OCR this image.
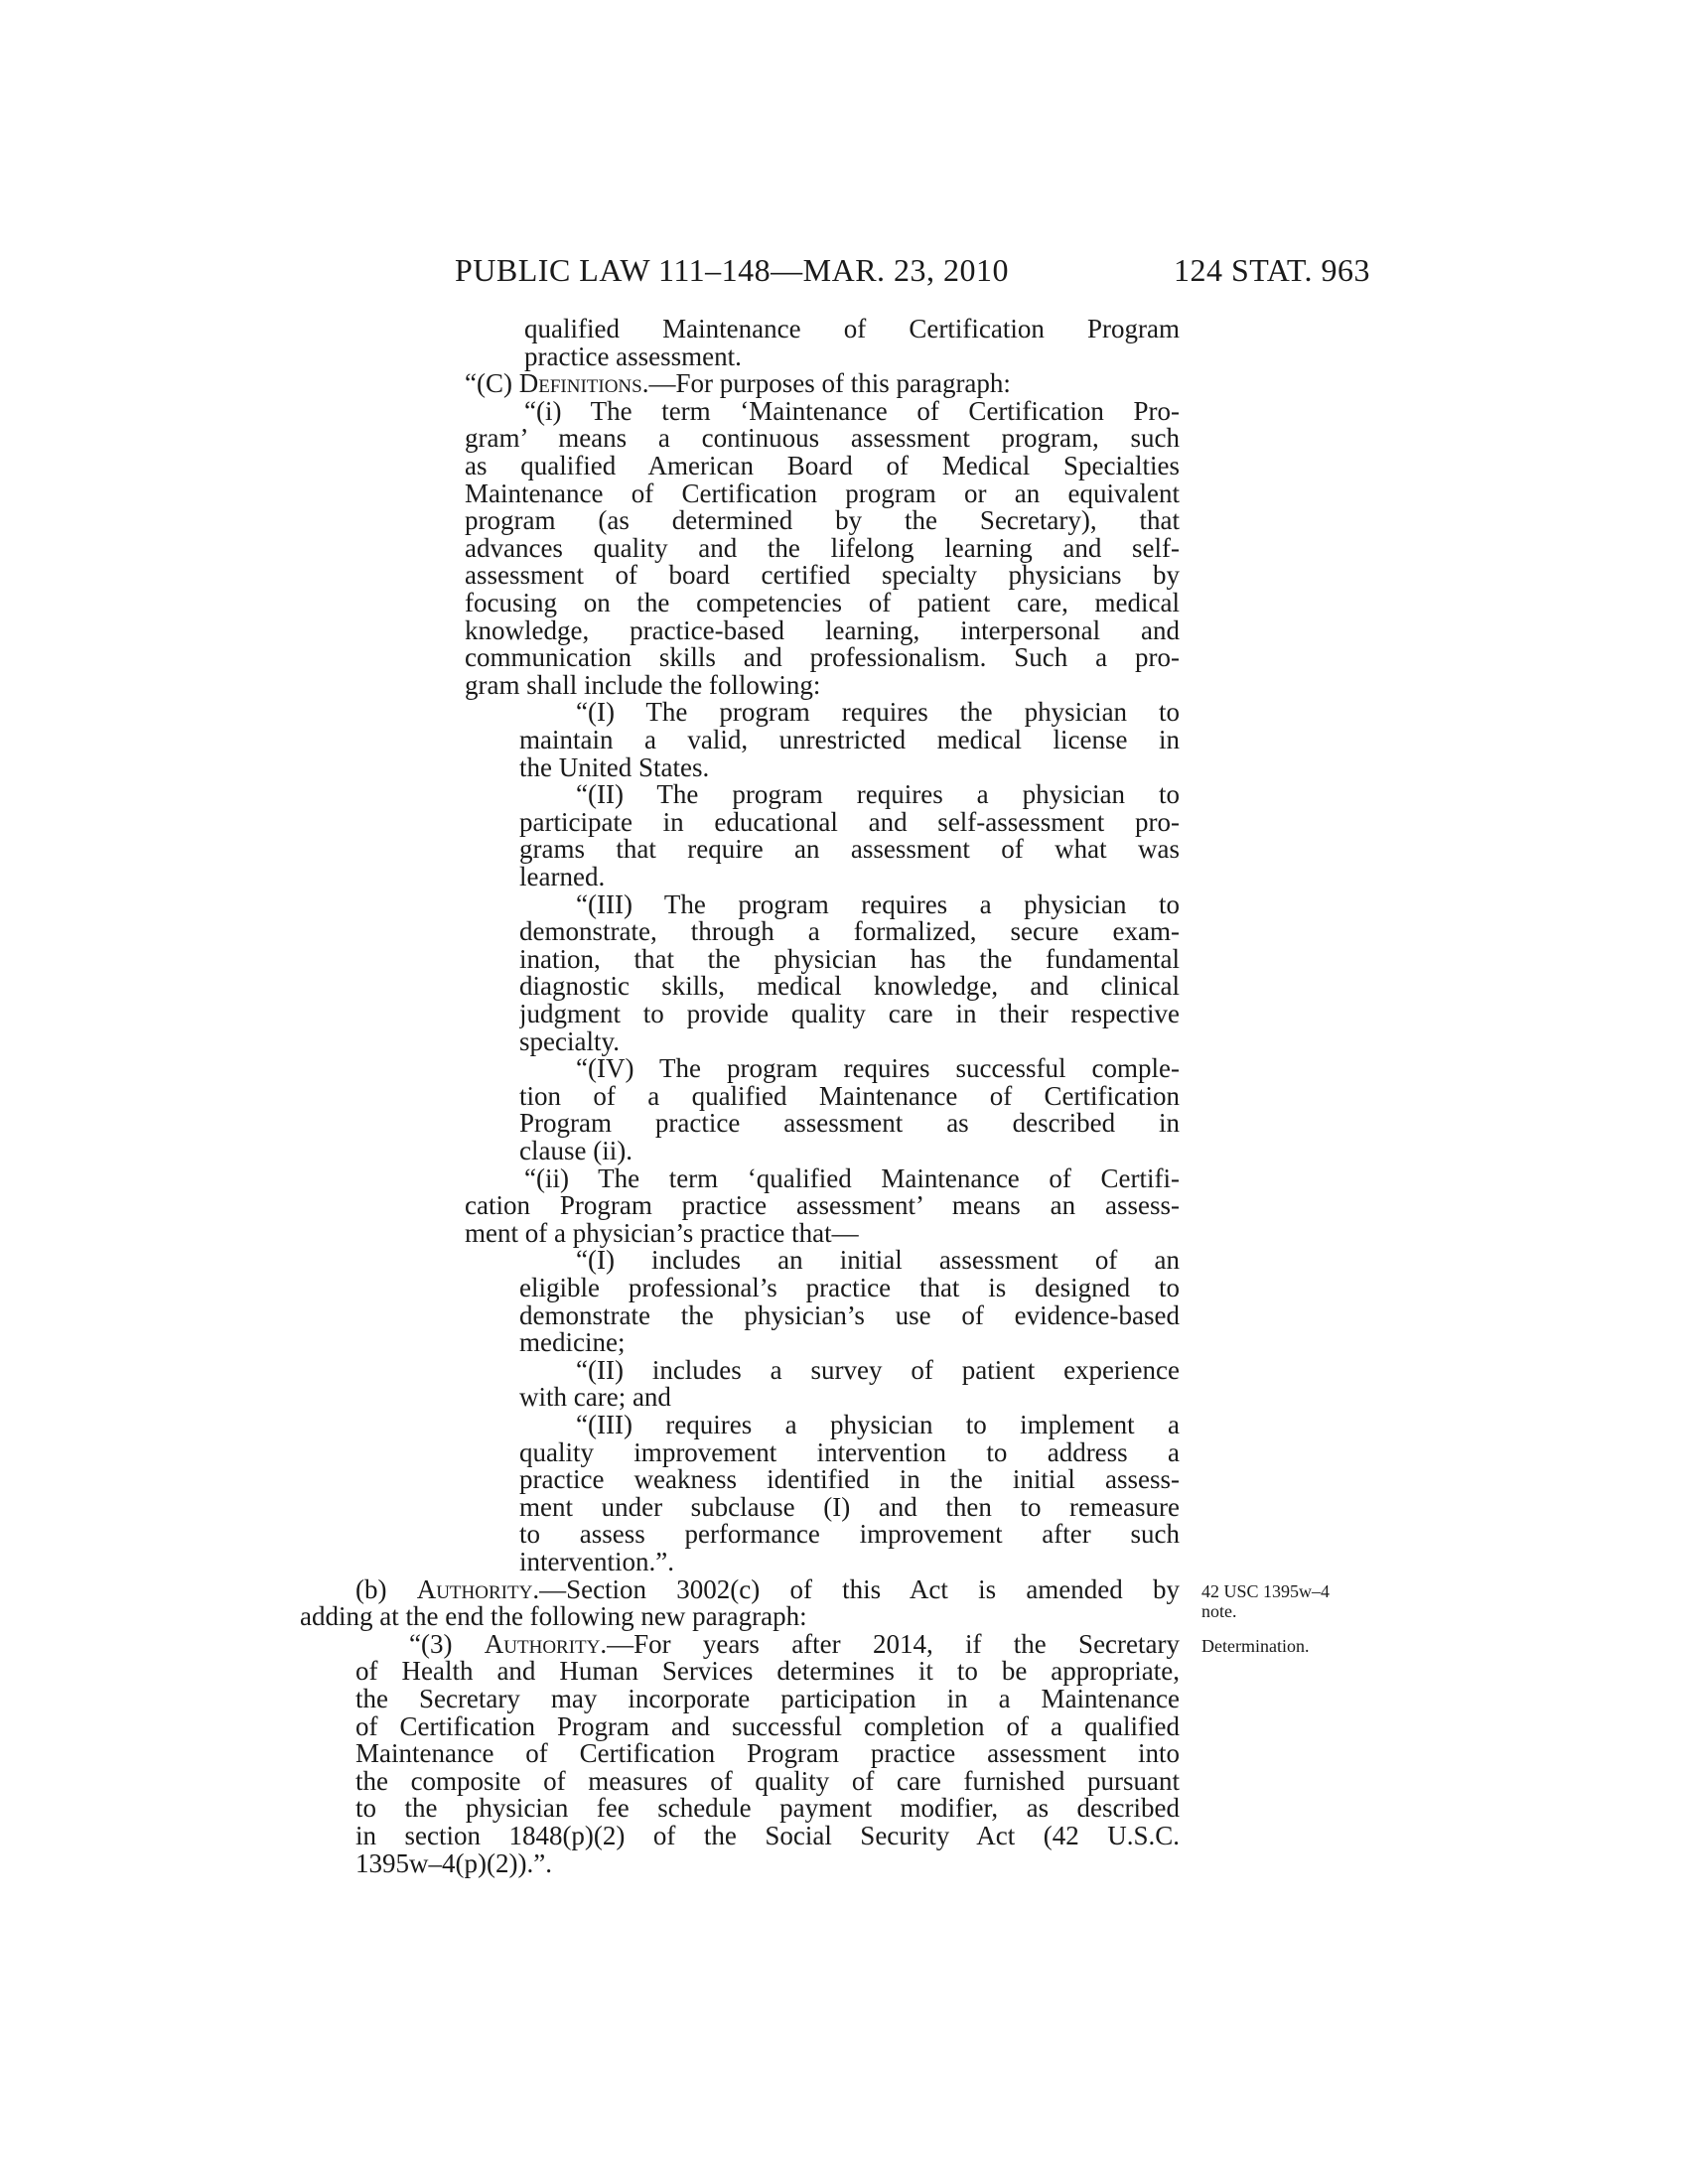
PUBLIC LAW 111–148—MAR. 23, 2010	124 STAT. 963
qualified Maintenance of Certification Program
practice assessment.
“(C) Definitions.—For purposes of this paragraph:
“(i) The term ‘Maintenance of Certification Pro-
gram’ means a continuous assessment program, such
as qualified American Board of Medical Specialties
Maintenance of Certification program or an equivalent
program (as determined by the Secretary), that
advances quality and the lifelong learning and self-
assessment of board certified specialty physicians by
focusing on the competencies of patient care, medical
knowledge, practice-based learning, interpersonal and
communication skills and professionalism. Such a pro-
gram shall include the following:
“(I) The program requires the physician to
maintain a valid, unrestricted medical license in
the United States.
“(II) The program requires a physician to
participate in educational and self-assessment pro-
grams that require an assessment of what was
learned.
“(III) The program requires a physician to
demonstrate, through a formalized, secure exam-
ination, that the physician has the fundamental
diagnostic skills, medical knowledge, and clinical
judgment to provide quality care in their respective
specialty.
“(IV) The program requires successful comple-
tion of a qualified Maintenance of Certification
Program practice assessment as described in
clause (ii).
“(ii) The term ‘qualified Maintenance of Certifi-
cation Program practice assessment’ means an assess-
ment of a physician’s practice that—
“(I) includes an initial assessment of an
eligible professional’s practice that is designed to
demonstrate the physician’s use of evidence-based
medicine;
“(II) includes a survey of patient experience
with care; and
“(III) requires a physician to implement a
quality improvement intervention to address a
practice weakness identified in the initial assess-
ment under subclause (I) and then to remeasure
to assess performance improvement after such
intervention.”.
(b) Authority.—Section 3002(c) of this Act is amended by
adding at the end the following new paragraph:
“(3) Authority.—For years after 2014, if the Secretary
of Health and Human Services determines it to be appropriate,
the Secretary may incorporate participation in a Maintenance
of Certification Program and successful completion of a qualified
Maintenance of Certification Program practice assessment into
the composite of measures of quality of care furnished pursuant
to the physician fee schedule payment modifier, as described
in section 1848(p)(2) of the Social Security Act (42 U.S.C.
1395w–4(p)(2)).”.
42 USC 1395w–4
note.
Determination.
